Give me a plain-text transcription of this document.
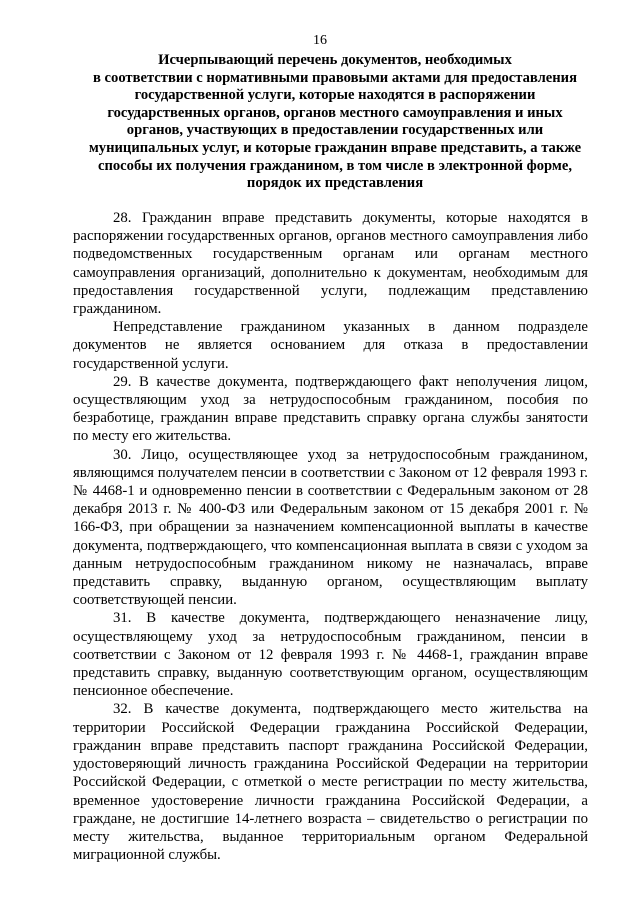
16
Исчерпывающий перечень документов, необходимых
в соответствии с нормативными правовыми актами для предоставления
государственной услуги, которые находятся в распоряжении
государственных органов, органов местного самоуправления и иных
органов, участвующих в предоставлении государственных или
муниципальных услуг, и которые гражданин вправе представить, а также
способы их получения гражданином, в том числе в электронной форме,
порядок их представления

28. Гражданин вправе представить документы, которые находятся в распоряжении государственных органов, органов местного самоуправления либо подведомственных государственным органам или органам местного самоуправления организаций, дополнительно к документам, необходимым для предоставления государственной услуги, подлежащим представлению гражданином.

Непредставление гражданином указанных в данном подразделе документов не является основанием для отказа в предоставлении государственной услуги.

29. В качестве документа, подтверждающего факт неполучения лицом, осуществляющим уход за нетрудоспособным гражданином, пособия по безработице, гражданин вправе представить справку органа службы занятости по месту его жительства.

30. Лицо, осуществляющее уход за нетрудоспособным гражданином, являющимся получателем пенсии в соответствии с Законом от 12 февраля 1993 г. № 4468-1 и одновременно пенсии в соответствии с Федеральным законом от 28 декабря 2013 г. № 400-ФЗ или Федеральным законом от 15 декабря 2001 г. № 166-ФЗ, при обращении за назначением компенсационной выплаты в качестве документа, подтверждающего, что компенсационная выплата в связи с уходом за данным нетрудоспособным гражданином никому не назначалась, вправе представить справку, выданную органом, осуществляющим выплату соответствующей пенсии.

31. В качестве документа, подтверждающего неназначение лицу, осуществляющему уход за нетрудоспособным гражданином, пенсии в соответствии с Законом от 12 февраля 1993 г. № 4468-1, гражданин вправе представить справку, выданную соответствующим органом, осуществляющим пенсионное обеспечение.

32. В качестве документа, подтверждающего место жительства на территории Российской Федерации гражданина Российской Федерации, гражданин вправе представить паспорт гражданина Российской Федерации, удостоверяющий личность гражданина Российской Федерации на территории Российской Федерации, с отметкой о месте регистрации по месту жительства, временное удостоверение личности гражданина Российской Федерации, а граждане, не достигшие 14-летнего возраста – свидетельство о регистрации по месту жительства, выданное территориальным органом Федеральной миграционной службы.
